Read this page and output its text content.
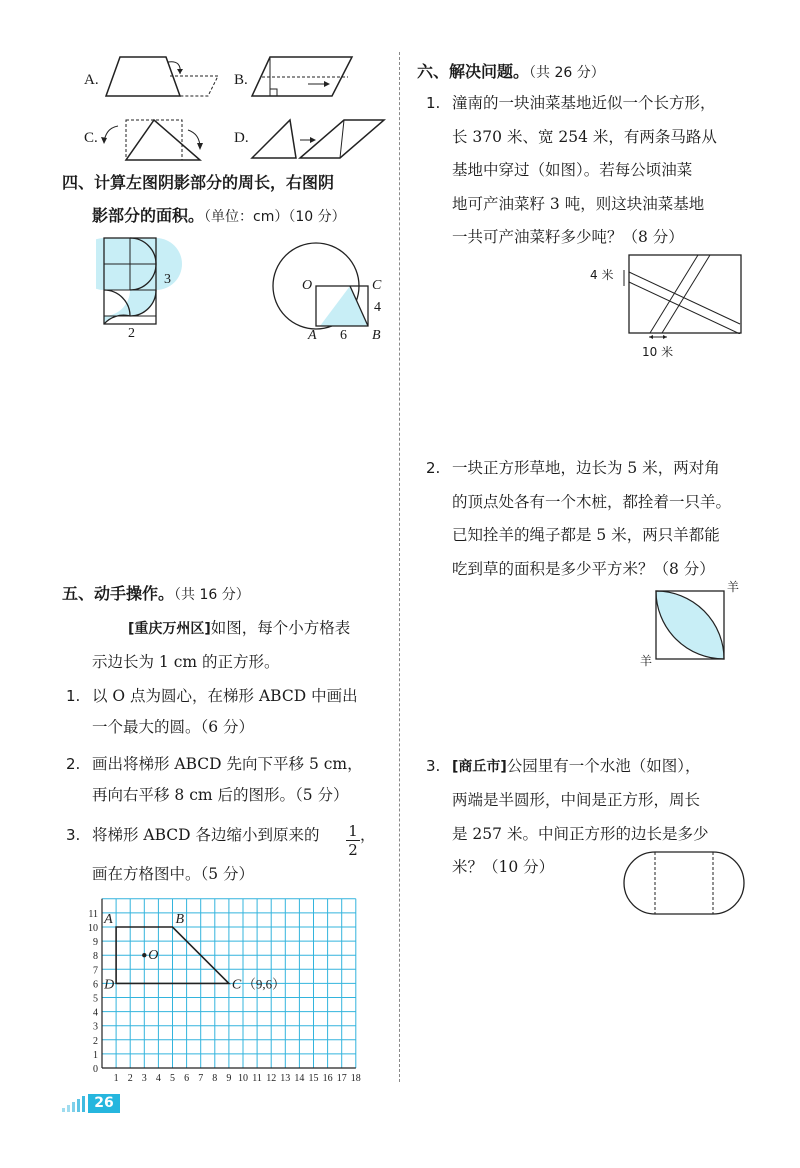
A.	B.
C.	D.
四、计算左图阴影部分的周长，右图阴
影部分的面积。（单位：cm）（10 分）
3
2
O	C
4
A 6 B
五、动手操作。（共 16 分）
[重庆万州区]如图，每个小方格表
示边长为 1 cm 的正方形。
1. 以 O 点为圆心，在梯形 ABCD 中画出
一个最大的圆。（6 分）
2. 画出将梯形 ABCD 先向下平移 5 cm，
再向右平移 8 cm 后的图形。（5 分）
3. 将梯形 ABCD 各边缩小到原来的 $\frac{1}{2}$ ，
画在方格图中。（5 分）
1 2 3 4 5 6 7 8 9 10 11 12 13 14 15 16 17 18
1
2
3
4
5
6
7
8
9
10
11
0
A	B
C
D
O
（9,6）
26
六、解决问题。（共 26 分）
1. 潼南的一块油菜基地近似一个长方形，
长 370 米、宽 254 米，有两条马路从
基地中穿过（如图）。若每公顷油菜
地可产油菜籽 3 吨，则这块油菜基地
一共可产油菜籽多少吨？（8 分）
4 米
10 米
2. 一块正方形草地，边长为 5 米，两对角
的顶点处各有一个木桩，都拴着一只羊。
已知拴羊的绳子都是 5 米，两只羊都能
吃到草的面积是多少平方米？（8 分）
羊
羊
3. [商丘市]公园里有一个水池（如图），
两端是半圆形，中间是正方形，周长
是 257 米。中间正方形的边长是多少
米？（10 分）
